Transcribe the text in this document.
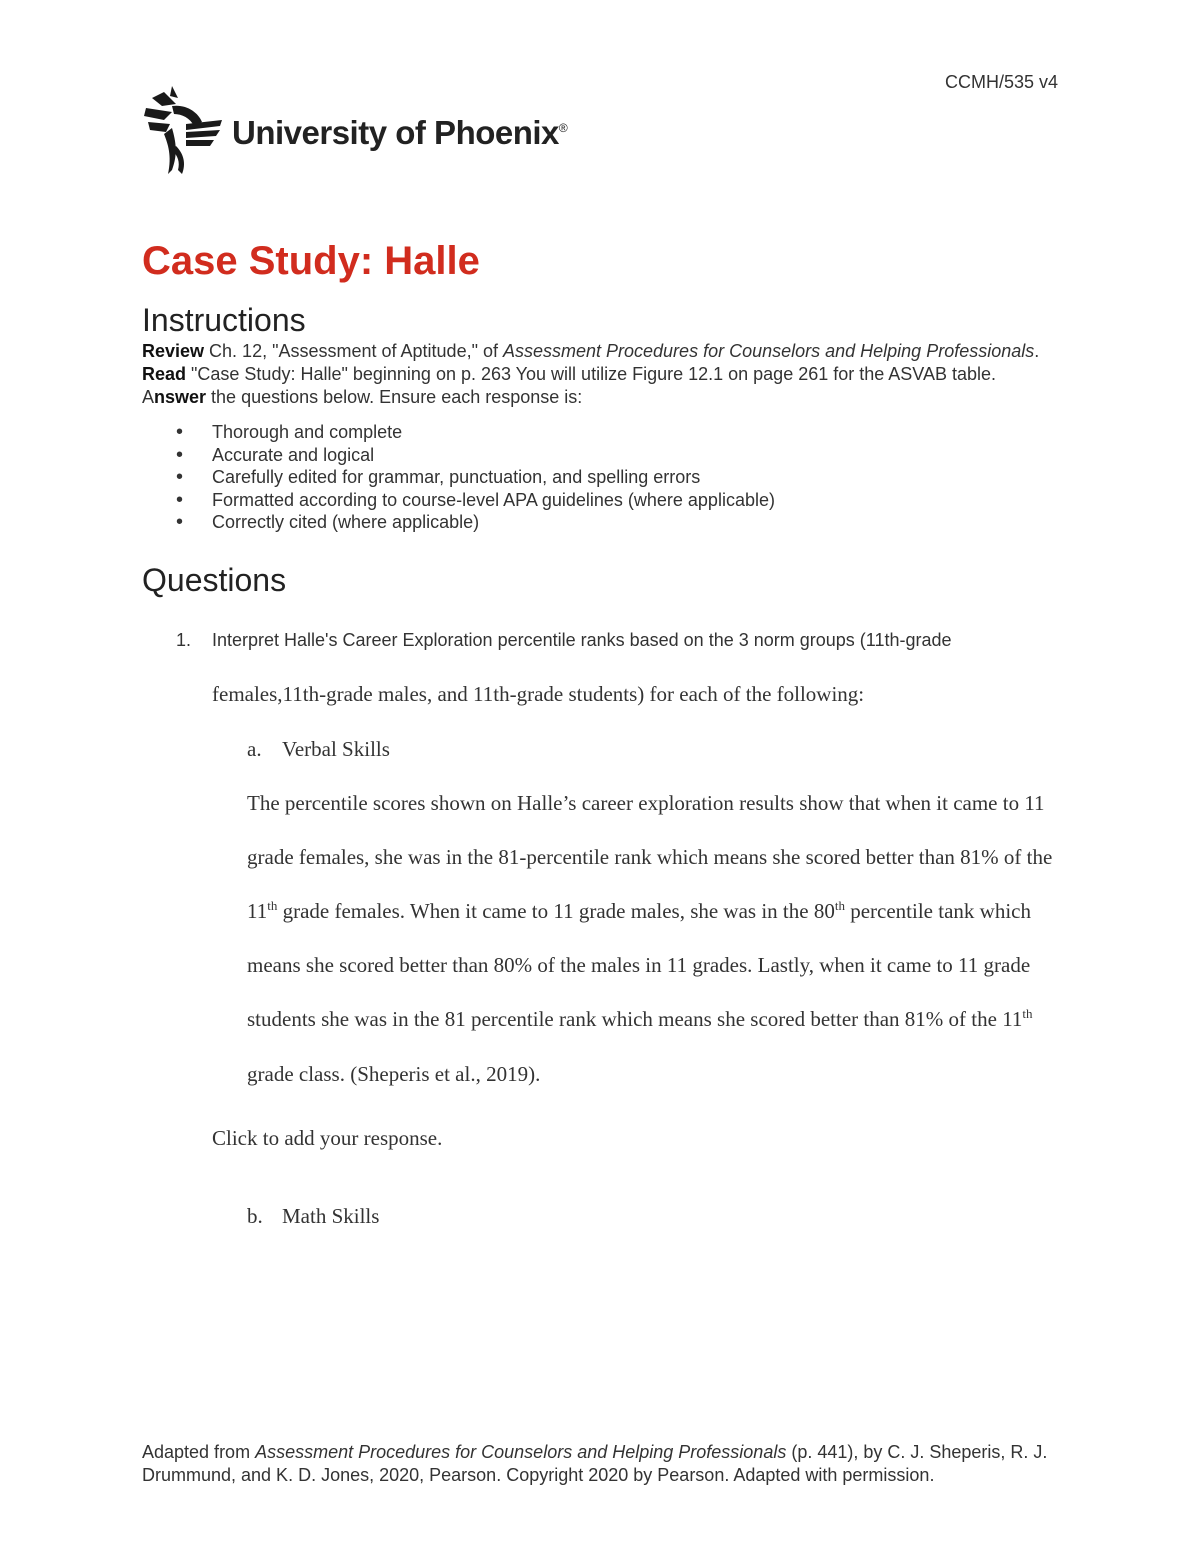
CCMH/535 v4
University of Phoenix®
Case Study: Halle
Instructions

Review Ch. 12, "Assessment of Aptitude," of Assessment Procedures for Counselors and Helping Professionals.

Read "Case Study: Halle" beginning on p. 263 You will utilize Figure 12.1 on page 261 for the ASVAB table. Answer the questions below. Ensure each response is:

• Thorough and complete
• Accurate and logical
• Carefully edited for grammar, punctuation, and spelling errors
• Formatted according to course-level APA guidelines (where applicable)
• Correctly cited (where applicable)
Questions
1. Interpret Halle's Career Exploration percentile ranks based on the 3 norm groups (11th-grade
females,11th-grade males, and 11th-grade students) for each of the following:
a. Verbal Skills
The percentile scores shown on Halle’s career exploration results show that when it came to 11 grade females, she was in the 81-percentile rank which means she scored better than 81% of the 11th grade females. When it came to 11 grade males, she was in the 80th percentile tank which means she scored better than 80% of the males in 11 grades. Lastly, when it came to 11 grade students she was in the 81 percentile rank which means she scored better than 81% of the 11th grade class. (Sheperis et al., 2019).
Click to add your response.
b. Math Skills
Adapted from Assessment Procedures for Counselors and Helping Professionals (p. 441), by C. J. Sheperis, R. J. Drummund, and K. D. Jones, 2020, Pearson. Copyright 2020 by Pearson. Adapted with permission.
